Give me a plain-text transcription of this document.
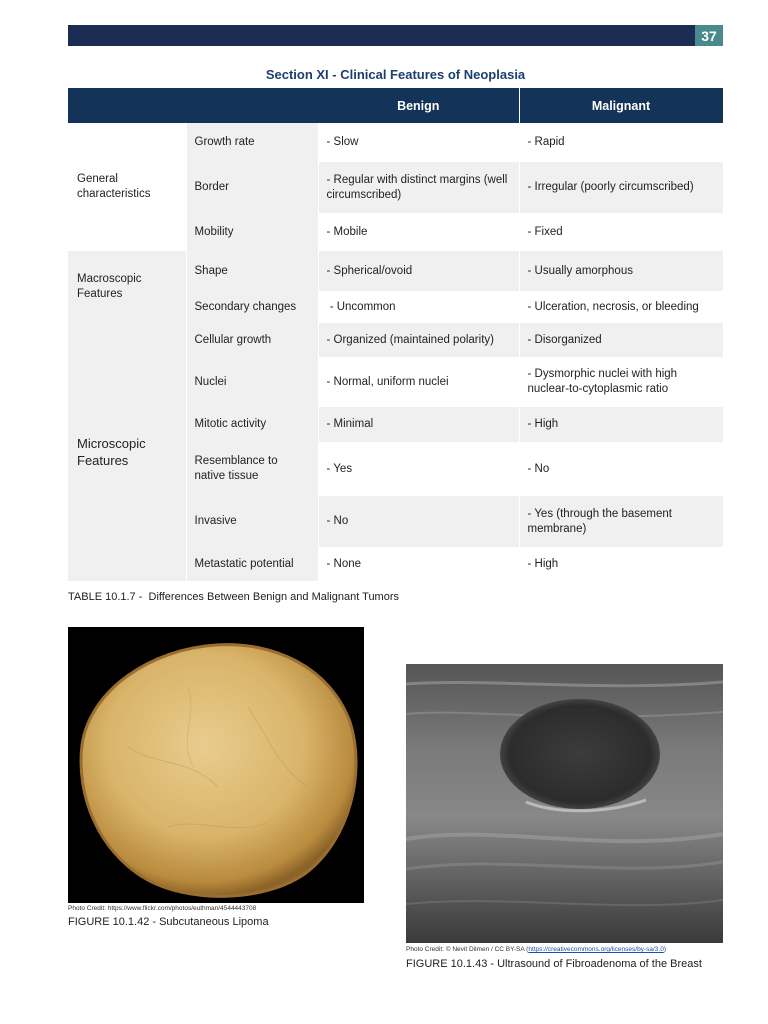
37
Section XI - Clinical Features of Neoplasia
		Benign	Malignant
General characteristics	Growth rate	- Slow	- Rapid
	Border	- Regular with distinct margins (well circumscribed)	- Irregular (poorly circumscribed)
	Mobility	- Mobile	- Fixed
Macroscopic Features	Shape	- Spherical/ovoid	- Usually amorphous
	Secondary changes	- Uncommon	- Ulceration, necrosis, or bleeding
Microscopic Features	Cellular growth	- Organized (maintained polarity)	- Disorganized
	Nuclei	- Normal, uniform nuclei	- Dysmorphic nuclei with high nuclear-to-cytoplasmic ratio
	Mitotic activity	- Minimal	- High
	Resemblance to native tissue	- Yes	- No
	Invasive	- No	- Yes (through the basement membrane)
	Metastatic potential	- None	- High
TABLE 10.1.7 -  Differences Between Benign and Malignant Tumors
Photo Credit: https://www.flickr.com/photos/euthman/4544443708
FIGURE 10.1.42 - Subcutaneous Lipoma
Photo Credit: © Nevit Dilmen / CC BY-SA (https://creativecommons.org/licenses/by-sa/3.0)
FIGURE 10.1.43 - Ultrasound of Fibroadenoma of the Breast
